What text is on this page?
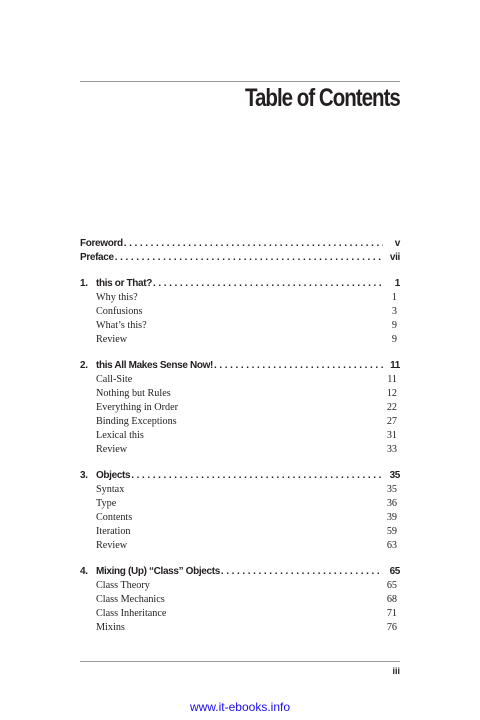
Table of Contents
Foreword .....	v
Preface .....	vii
1. this or That? .....	1
Why this?	1
Confusions	3
What’s this?	9
Review	9
2. this All Makes Sense Now! .....	11
Call-Site	11
Nothing but Rules	12
Everything in Order	22
Binding Exceptions	27
Lexical this	31
Review	33
3. Objects .....	35
Syntax	35
Type	36
Contents	39
Iteration	59
Review	63
4. Mixing (Up) “Class” Objects .....	65
Class Theory	65
Class Mechanics	68
Class Inheritance	71
Mixins	76
iii
www.it-ebooks.info
